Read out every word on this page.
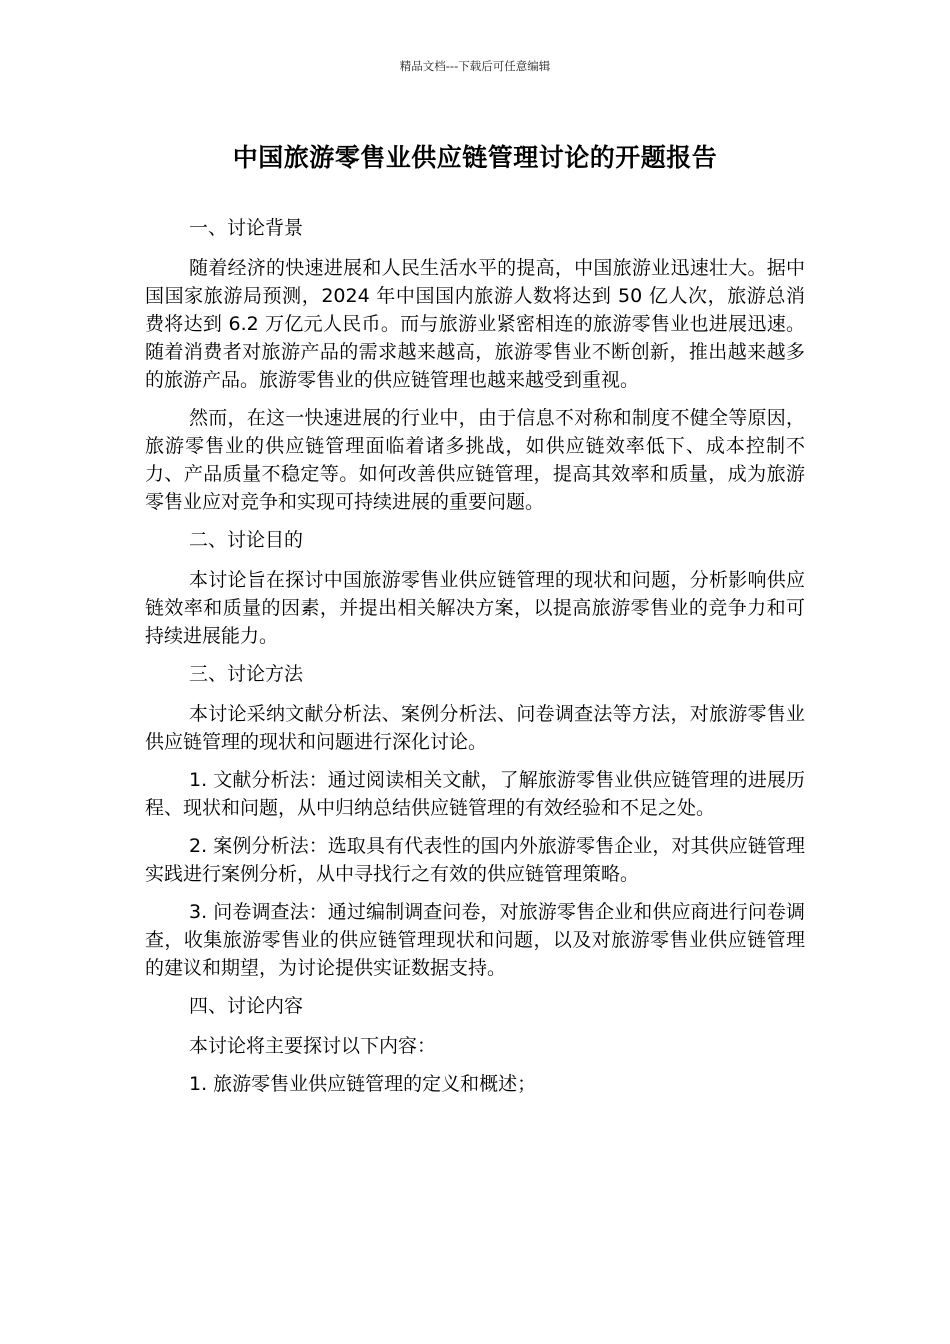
精品文档---下载后可任意编辑
中国旅游零售业供应链管理讨论的开题报告

一、讨论背景

随着经济的快速进展和人民生活水平的提高，中国旅游业迅速壮大。据中国国家旅游局预测，2024 年中国国内旅游人数将达到 50 亿人次，旅游总消费将达到 6.2 万亿元人民币。而与旅游业紧密相连的旅游零售业也进展迅速。随着消费者对旅游产品的需求越来越高，旅游零售业不断创新，推出越来越多的旅游产品。旅游零售业的供应链管理也越来越受到重视。

然而，在这一快速进展的行业中，由于信息不对称和制度不健全等原因，旅游零售业的供应链管理面临着诸多挑战，如供应链效率低下、成本控制不力、产品质量不稳定等。如何改善供应链管理，提高其效率和质量，成为旅游零售业应对竞争和实现可持续进展的重要问题。

二、讨论目的

本讨论旨在探讨中国旅游零售业供应链管理的现状和问题，分析影响供应链效率和质量的因素，并提出相关解决方案，以提高旅游零售业的竞争力和可持续进展能力。

三、讨论方法

本讨论采纳文献分析法、案例分析法、问卷调查法等方法，对旅游零售业供应链管理的现状和问题进行深化讨论。

1. 文献分析法：通过阅读相关文献，了解旅游零售业供应链管理的进展历程、现状和问题，从中归纳总结供应链管理的有效经验和不足之处。

2. 案例分析法：选取具有代表性的国内外旅游零售企业，对其供应链管理实践进行案例分析，从中寻找行之有效的供应链管理策略。

3. 问卷调查法：通过编制调查问卷，对旅游零售企业和供应商进行问卷调查，收集旅游零售业的供应链管理现状和问题，以及对旅游零售业供应链管理的建议和期望，为讨论提供实证数据支持。

四、讨论内容

本讨论将主要探讨以下内容：

1. 旅游零售业供应链管理的定义和概述；
